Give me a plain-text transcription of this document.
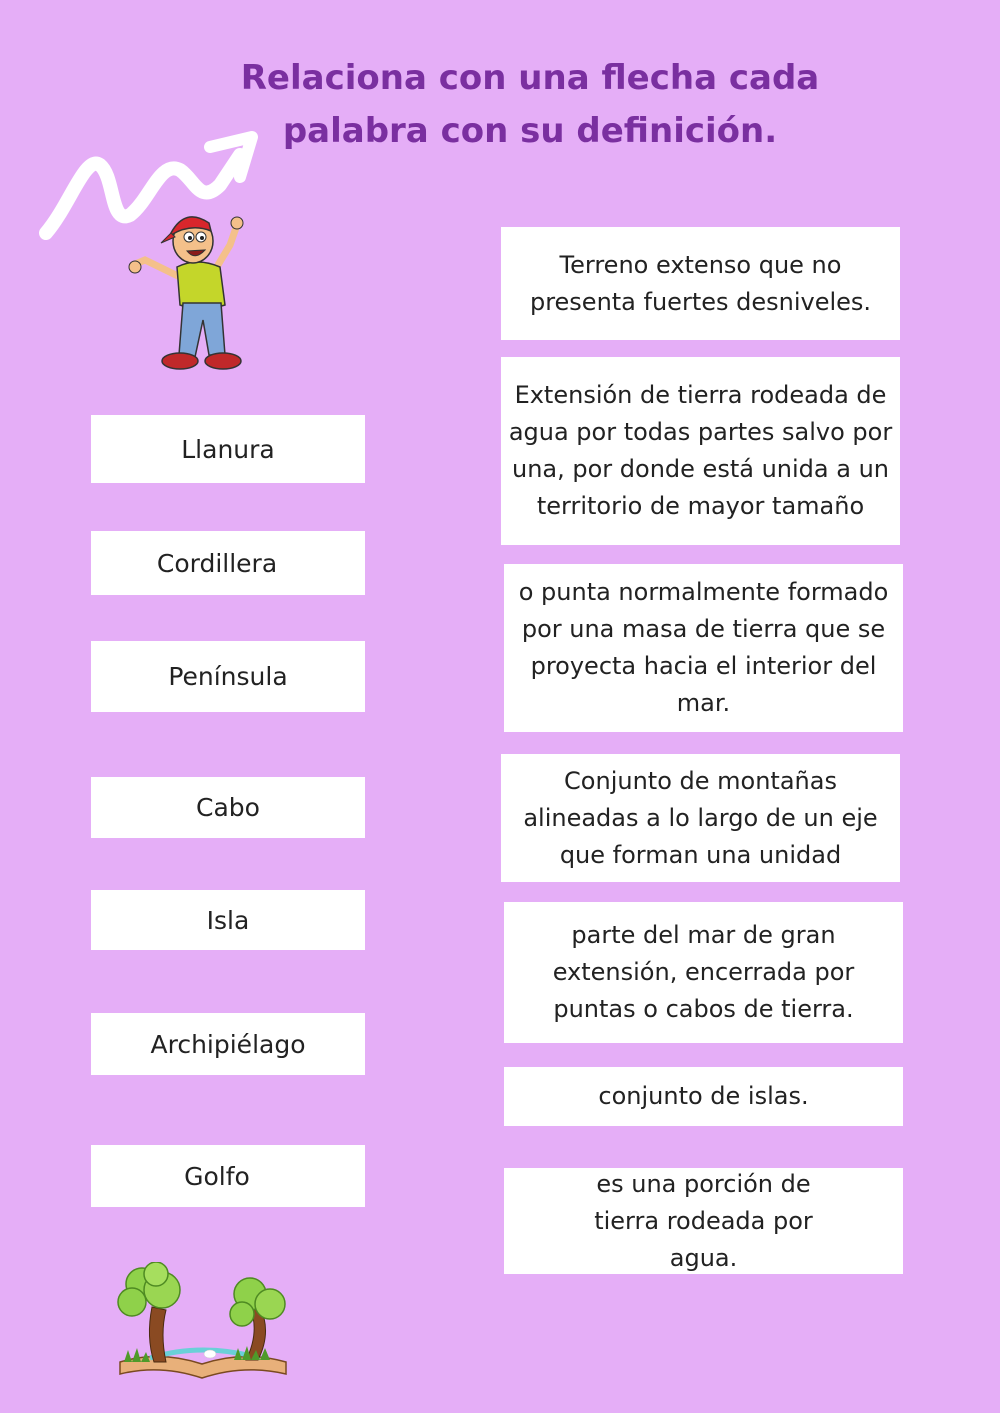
Relaciona con una flecha cada
palabra con su definición.
Llanura
Cordillera
Península
Cabo
Isla
Archipiélago
Golfo
Terreno extenso que no presenta fuertes desniveles.
Extensión de tierra rodeada de agua por todas partes salvo por una, por donde está unida a un territorio de mayor tamaño
o punta normalmente formado por una masa de tierra que se proyecta hacia el interior del mar.
Conjunto de montañas alineadas a lo largo de un eje que forman una unidad
parte del mar de gran extensión, encerrada por puntas o cabos de tierra.
conjunto de islas.
es una porción de tierra rodeada por agua.
